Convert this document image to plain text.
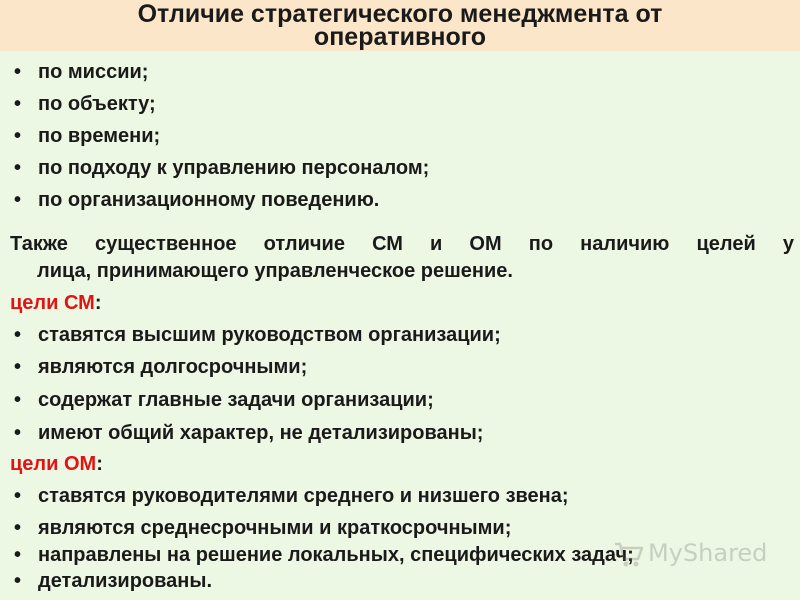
Отличие стратегического менеджмента от
оперативного
• по миссии;
• по объекту;
• по времени;
• по подходу к управлению персоналом;
• по организационному поведению.
Также существенное отличие СМ и ОМ по наличию целей у
лица, принимающего управленческое решение.
цели СМ:
• ставятся высшим руководством организации;
• являются долгосрочными;
• содержат главные задачи организации;
• имеют общий характер, не детализированы;
цели ОМ:
• ставятся руководителями среднего и низшего звена;
• являются среднесрочными и краткосрочными;
• направлены на решение локальных, специфических задач;
• детализированы.
MyShared
